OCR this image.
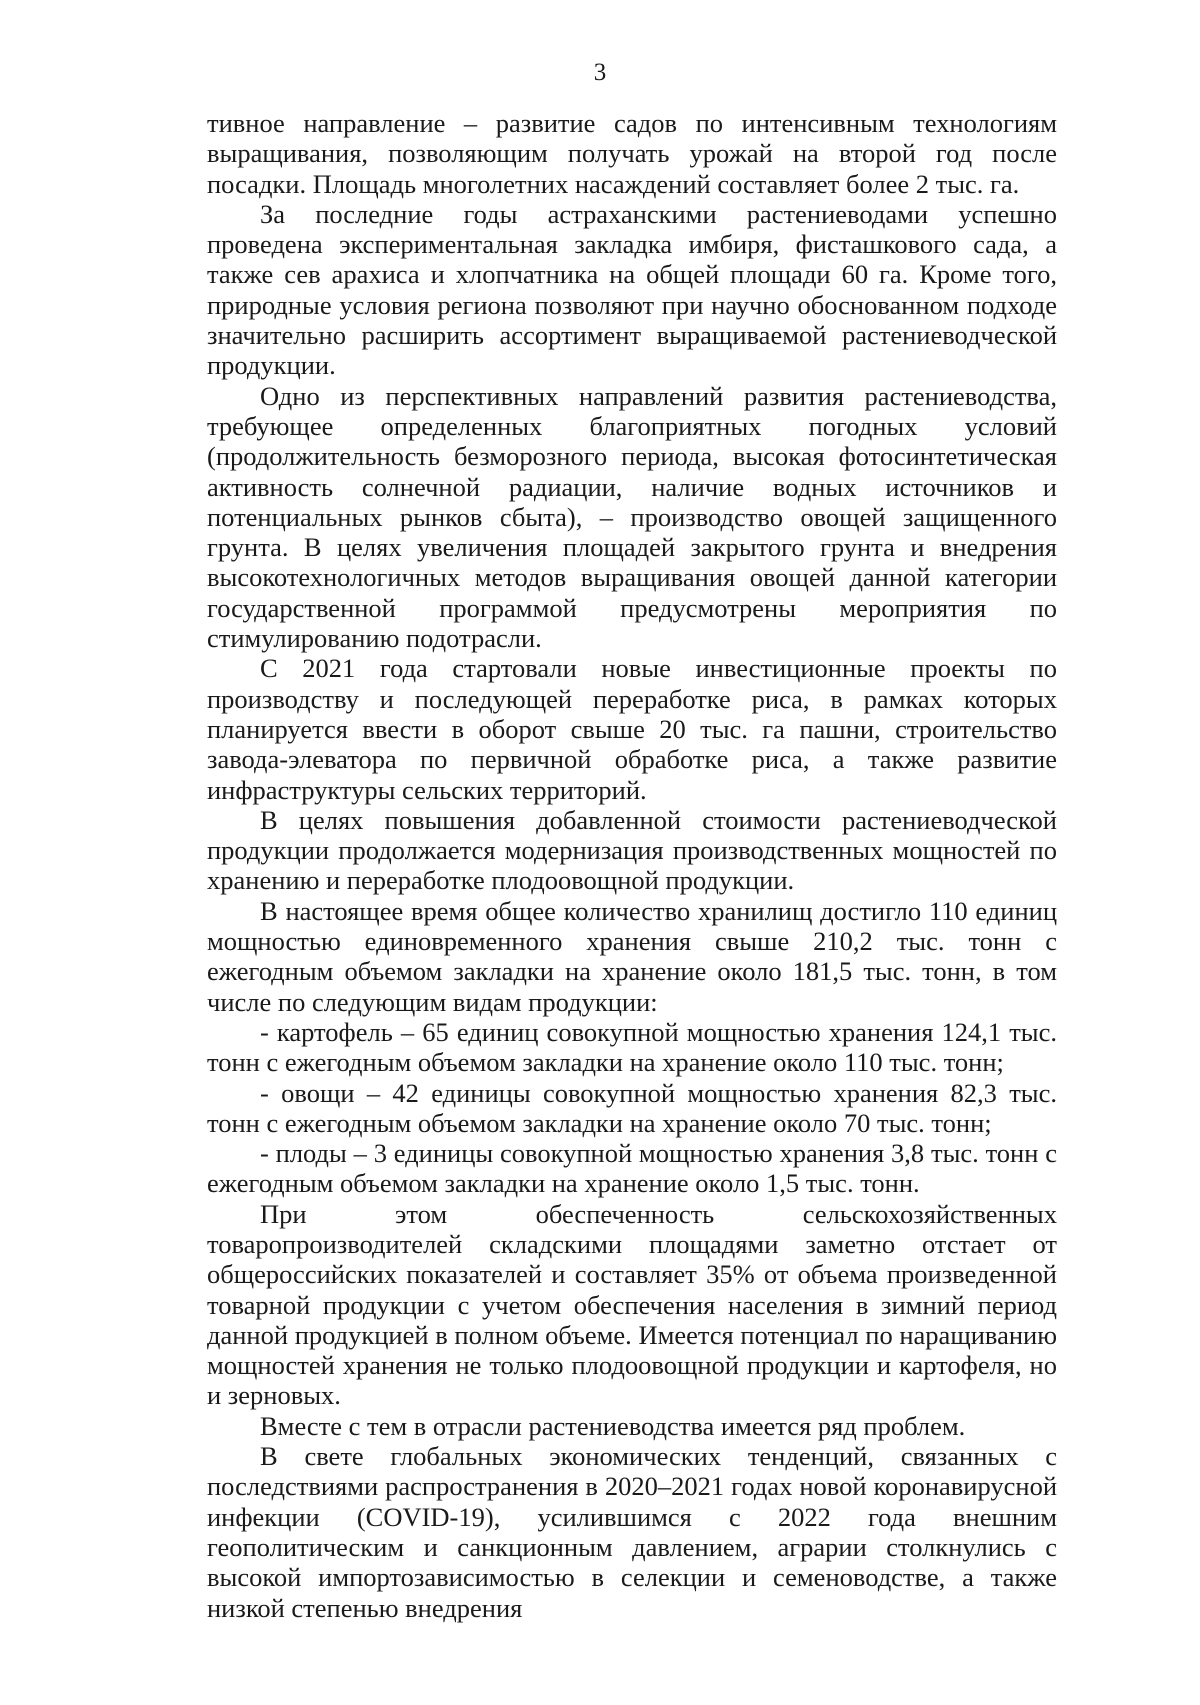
3

тивное направление – развитие садов по интенсивным технологиям выращивания, позволяющим получать урожай на второй год после посадки. Площадь многолетних насаждений составляет более 2 тыс. га.

За последние годы астраханскими растениеводами успешно проведена экспериментальная закладка имбиря, фисташкового сада, а также сев арахиса и хлопчатника на общей площади 60 га. Кроме того, природные условия региона позволяют при научно обоснованном подходе значительно расширить ассортимент выращиваемой растениеводческой продукции.

Одно из перспективных направлений развития растениеводства, требующее определенных благоприятных погодных условий (продолжительность безморозного периода, высокая фотосинтетическая активность солнечной радиации, наличие водных источников и потенциальных рынков сбыта), – производство овощей защищенного грунта. В целях увеличения площадей закрытого грунта и внедрения высокотехнологичных методов выращивания овощей данной категории государственной программой предусмотрены мероприятия по стимулированию подотрасли.

С 2021 года стартовали новые инвестиционные проекты по производству и последующей переработке риса, в рамках которых планируется ввести в оборот свыше 20 тыс. га пашни, строительство завода-элеватора по первичной обработке риса, а также развитие инфраструктуры сельских территорий.

В целях повышения добавленной стоимости растениеводческой продукции продолжается модернизация производственных мощностей по хранению и переработке плодоовощной продукции.

В настоящее время общее количество хранилищ достигло 110 единиц мощностью единовременного хранения свыше 210,2 тыс. тонн с ежегодным объемом закладки на хранение около 181,5 тыс. тонн, в том числе по следующим видам продукции:

- картофель – 65 единиц совокупной мощностью хранения 124,1 тыс. тонн с ежегодным объемом закладки на хранение около 110 тыс. тонн;

- овощи – 42 единицы совокупной мощностью хранения 82,3 тыс. тонн с ежегодным объемом закладки на хранение около 70 тыс. тонн;

- плоды – 3 единицы совокупной мощностью хранения 3,8 тыс. тонн с ежегодным объемом закладки на хранение около 1,5 тыс. тонн.

При этом обеспеченность сельскохозяйственных товаропроизводителей складскими площадями заметно отстает от общероссийских показателей и составляет 35% от объема произведенной товарной продукции с учетом обеспечения населения в зимний период данной продукцией в полном объеме. Имеется потенциал по наращиванию мощностей хранения не только плодоовощной продукции и картофеля, но и зерновых.

Вместе с тем в отрасли растениеводства имеется ряд проблем.

В свете глобальных экономических тенденций, связанных с последствиями распространения в 2020–2021 годах новой коронавирусной инфекции (COVID-19), усилившимся с 2022 года внешним геополитическим и санкционным давлением, аграрии столкнулись с высокой импортозависимостью в селекции и семеноводстве, а также низкой степенью внедрения
